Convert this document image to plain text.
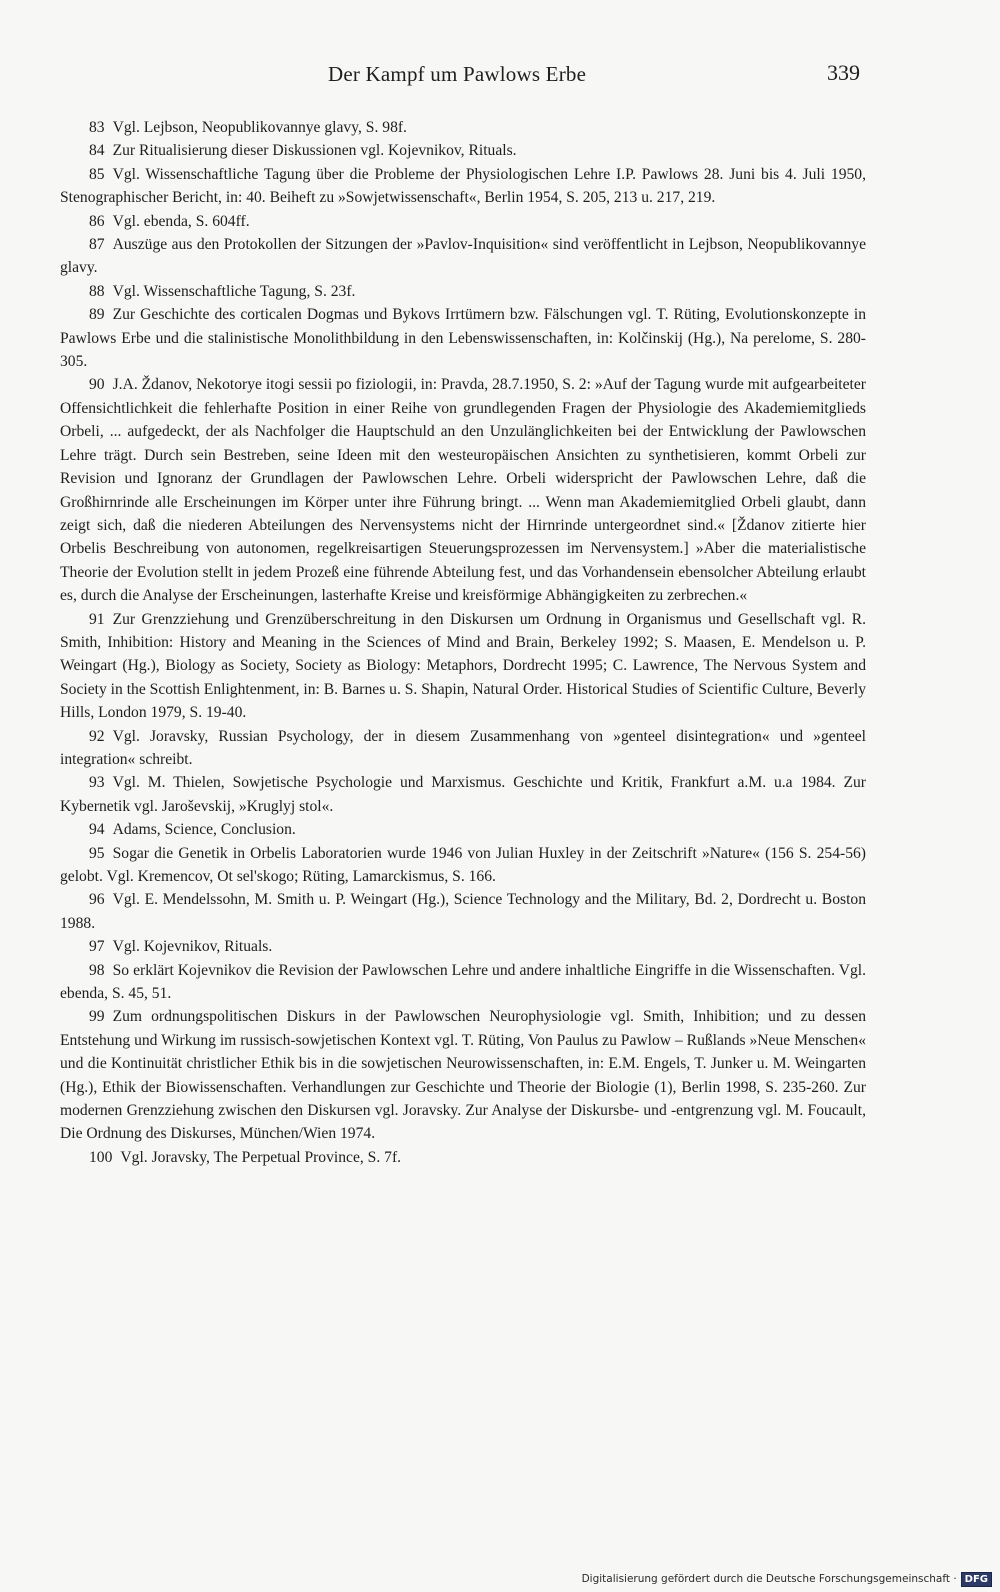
Der Kampf um Pawlows Erbe	339

83 Vgl. Lejbson, Neopublikovannye glavy, S. 98f.

84 Zur Ritualisierung dieser Diskussionen vgl. Kojevnikov, Rituals.

85 Vgl. Wissenschaftliche Tagung über die Probleme der Physiologischen Lehre I.P. Pawlows 28. Juni bis 4. Juli 1950, Stenographischer Bericht, in: 40. Beiheft zu »Sowjetwissenschaft«, Berlin 1954, S. 205, 213 u. 217, 219.

86 Vgl. ebenda, S. 604ff.

87 Auszüge aus den Protokollen der Sitzungen der »Pavlov-Inquisition« sind veröffentlicht in Lejbson, Neopublikovannye glavy.

88 Vgl. Wissenschaftliche Tagung, S. 23f.

89 Zur Geschichte des corticalen Dogmas und Bykovs Irrtümern bzw. Fälschungen vgl. T. Rüting, Evolutionskonzepte in Pawlows Erbe und die stalinistische Monolithbildung in den Lebenswissenschaften, in: Kolčinskij (Hg.), Na perelome, S. 280-305.

90 J.A. Ždanov, Nekotorye itogi sessii po fiziologii, in: Pravda, 28.7.1950, S. 2: »Auf der Tagung wurde mit aufgearbeiteter Offensichtlichkeit die fehlerhafte Position in einer Reihe von grundlegenden Fragen der Physiologie des Akademiemitglieds Orbeli, ... aufgedeckt, der als Nachfolger die Hauptschuld an den Unzulänglichkeiten bei der Entwicklung der Pawlowschen Lehre trägt. Durch sein Bestreben, seine Ideen mit den westeuropäischen Ansichten zu synthetisieren, kommt Orbeli zur Revision und Ignoranz der Grundlagen der Pawlowschen Lehre. Orbeli widerspricht der Pawlowschen Lehre, daß die Großhirnrinde alle Erscheinungen im Körper unter ihre Führung bringt. ... Wenn man Akademiemitglied Orbeli glaubt, dann zeigt sich, daß die niederen Abteilungen des Nervensystems nicht der Hirnrinde untergeordnet sind.« [Ždanov zitierte hier Orbelis Beschreibung von autonomen, regelkreisartigen Steuerungsprozessen im Nervensystem.] »Aber die materialistische Theorie der Evolution stellt in jedem Prozeß eine führende Abteilung fest, und das Vorhandensein ebensolcher Abteilung erlaubt es, durch die Analyse der Erscheinungen, lasterhafte Kreise und kreisförmige Abhängigkeiten zu zerbrechen.«

91 Zur Grenzziehung und Grenzüberschreitung in den Diskursen um Ordnung in Organismus und Gesellschaft vgl. R. Smith, Inhibition: History and Meaning in the Sciences of Mind and Brain, Berkeley 1992; S. Maasen, E. Mendelson u. P. Weingart (Hg.), Biology as Society, Society as Biology: Metaphors, Dordrecht 1995; C. Lawrence, The Nervous System and Society in the Scottish Enlightenment, in: B. Barnes u. S. Shapin, Natural Order. Historical Studies of Scientific Culture, Beverly Hills, London 1979, S. 19-40.

92 Vgl. Joravsky, Russian Psychology, der in diesem Zusammenhang von »genteel disintegration« und »genteel integration« schreibt.

93 Vgl. M. Thielen, Sowjetische Psychologie und Marxismus. Geschichte und Kritik, Frankfurt a.M. u.a 1984. Zur Kybernetik vgl. Jaroševskij, »Kruglyj stol«.

94 Adams, Science, Conclusion.

95 Sogar die Genetik in Orbelis Laboratorien wurde 1946 von Julian Huxley in der Zeitschrift »Nature« (156 S. 254-56) gelobt. Vgl. Kremencov, Ot sel'skogo; Rüting, Lamarckismus, S. 166.

96 Vgl. E. Mendelssohn, M. Smith u. P. Weingart (Hg.), Science Technology and the Military, Bd. 2, Dordrecht u. Boston 1988.

97 Vgl. Kojevnikov, Rituals.

98 So erklärt Kojevnikov die Revision der Pawlowschen Lehre und andere inhaltliche Eingriffe in die Wissenschaften. Vgl. ebenda, S. 45, 51.

99 Zum ordnungspolitischen Diskurs in der Pawlowschen Neurophysiologie vgl. Smith, Inhibition; und zu dessen Entstehung und Wirkung im russisch-sowjetischen Kontext vgl. T. Rüting, Von Paulus zu Pawlow – Rußlands »Neue Menschen« und die Kontinuität christlicher Ethik bis in die sowjetischen Neurowissenschaften, in: E.M. Engels, T. Junker u. M. Weingarten (Hg.), Ethik der Biowissenschaften. Verhandlungen zur Geschichte und Theorie der Biologie (1), Berlin 1998, S. 235-260. Zur modernen Grenzziehung zwischen den Diskursen vgl. Joravsky. Zur Analyse der Diskursbe- und -entgrenzung vgl. M. Foucault, Die Ordnung des Diskurses, München/Wien 1974.

100 Vgl. Joravsky, The Perpetual Province, S. 7f.

Digitalisierung gefördert durch die Deutsche Forschungsgemeinschaft · DFG
